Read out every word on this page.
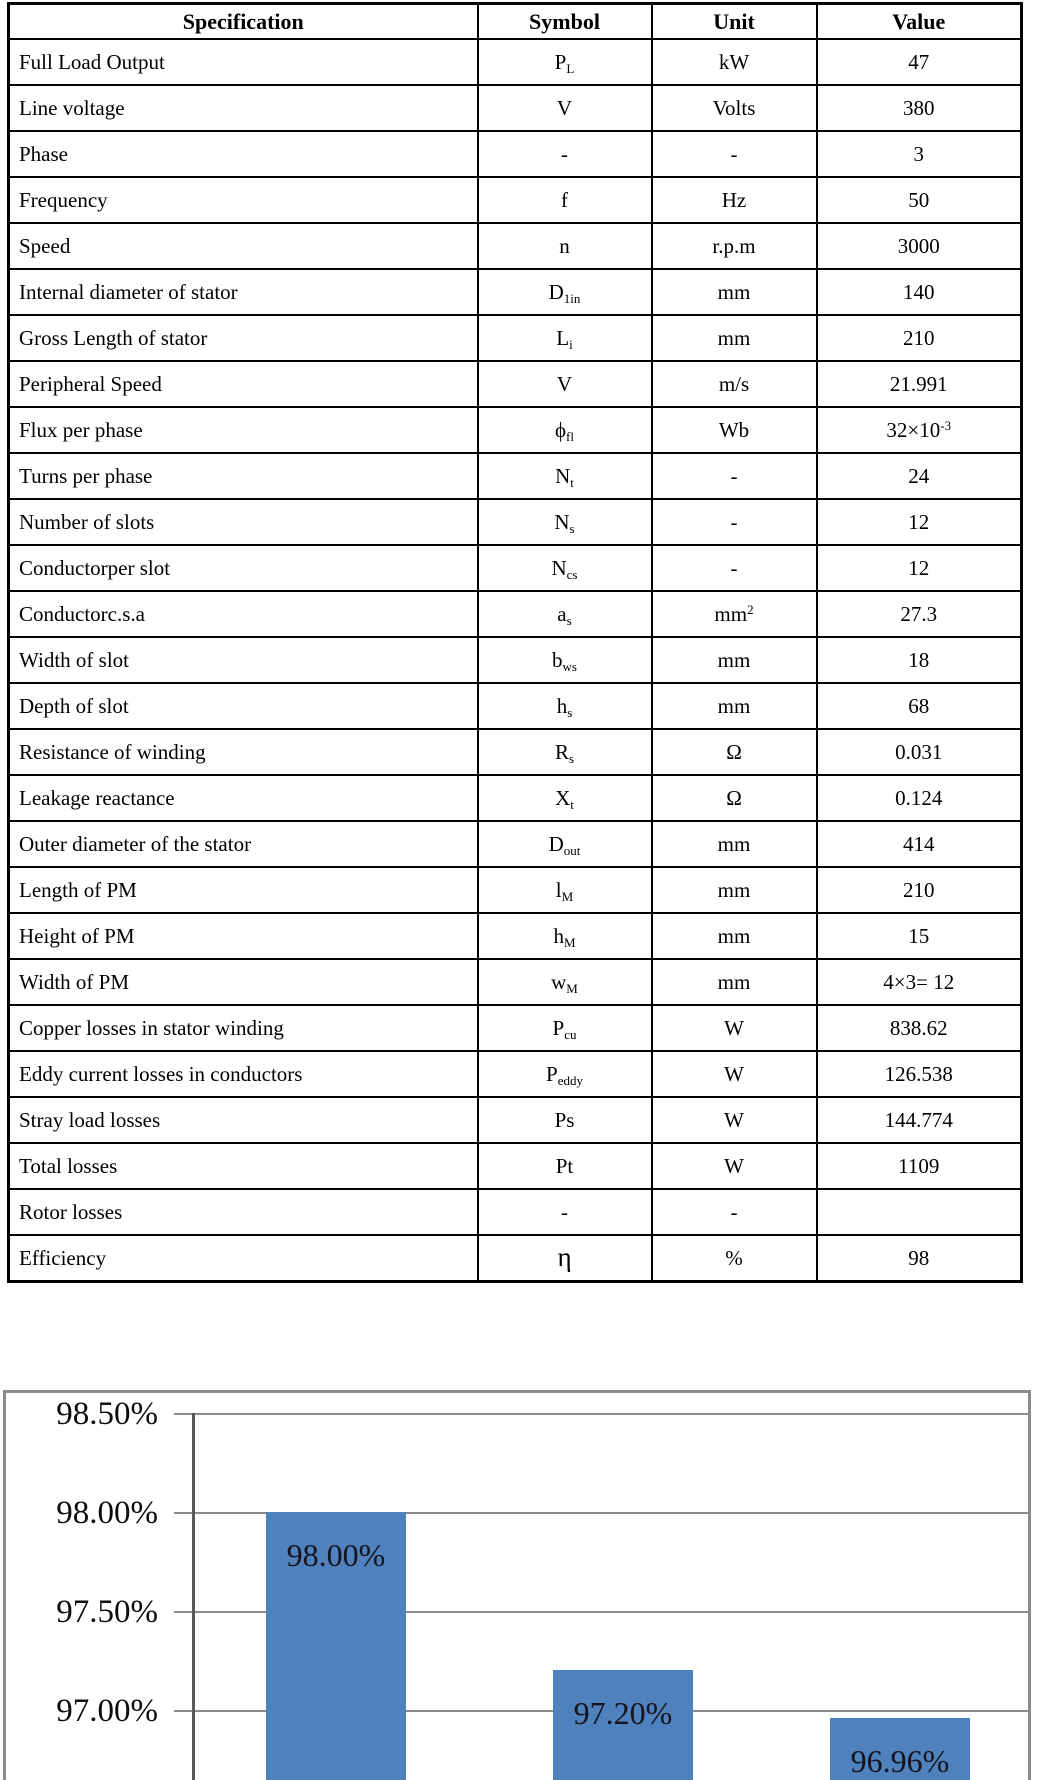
Specification	Symbol	Unit	Value
Full Load Output	$P_L$	kW	47
Line voltage	V	Volts	380
Phase	-	-	3
Frequency	f	Hz	50
Speed	n	r.p.m	3000
Internal diameter of stator	$D_{1in}$	mm	140
Gross Length of stator	$L_i$	mm	210
Peripheral Speed	V	m/s	21.991
Flux per phase	$\phi_{fl}$	Wb	$32\times 10^{-3}$
Turns per phase	$N_t$	-	24
Number of slots	$N_s$	-	12
Conductorper slot	$N_{cs}$	-	12
Conductorc.s.a	$a_s$	$mm^2$	27.3
Width of slot	$b_{ws}$	mm	18
Depth of slot	$h_s$	mm	68
Resistance of winding	$R_s$	Ω	0.031
Leakage reactance	$X_t$	Ω	0.124
Outer diameter of the stator	$D_{out}$	mm	414
Length of PM	$l_M$	mm	210
Height of PM	$h_M$	mm	15
Width of PM	$w_M$	mm	4×3= 12
Copper losses in stator winding	$P_{cu}$	W	838.62
Eddy current losses in conductors	$P_{eddy}$	W	126.538
Stray load losses	Ps	W	144.774
Total losses	Pt	W	1109
Rotor losses	-	-	
Efficiency	η	%	98
98.50%
98.00%
97.50%
97.00%
98.00%
97.20%
96.96%
